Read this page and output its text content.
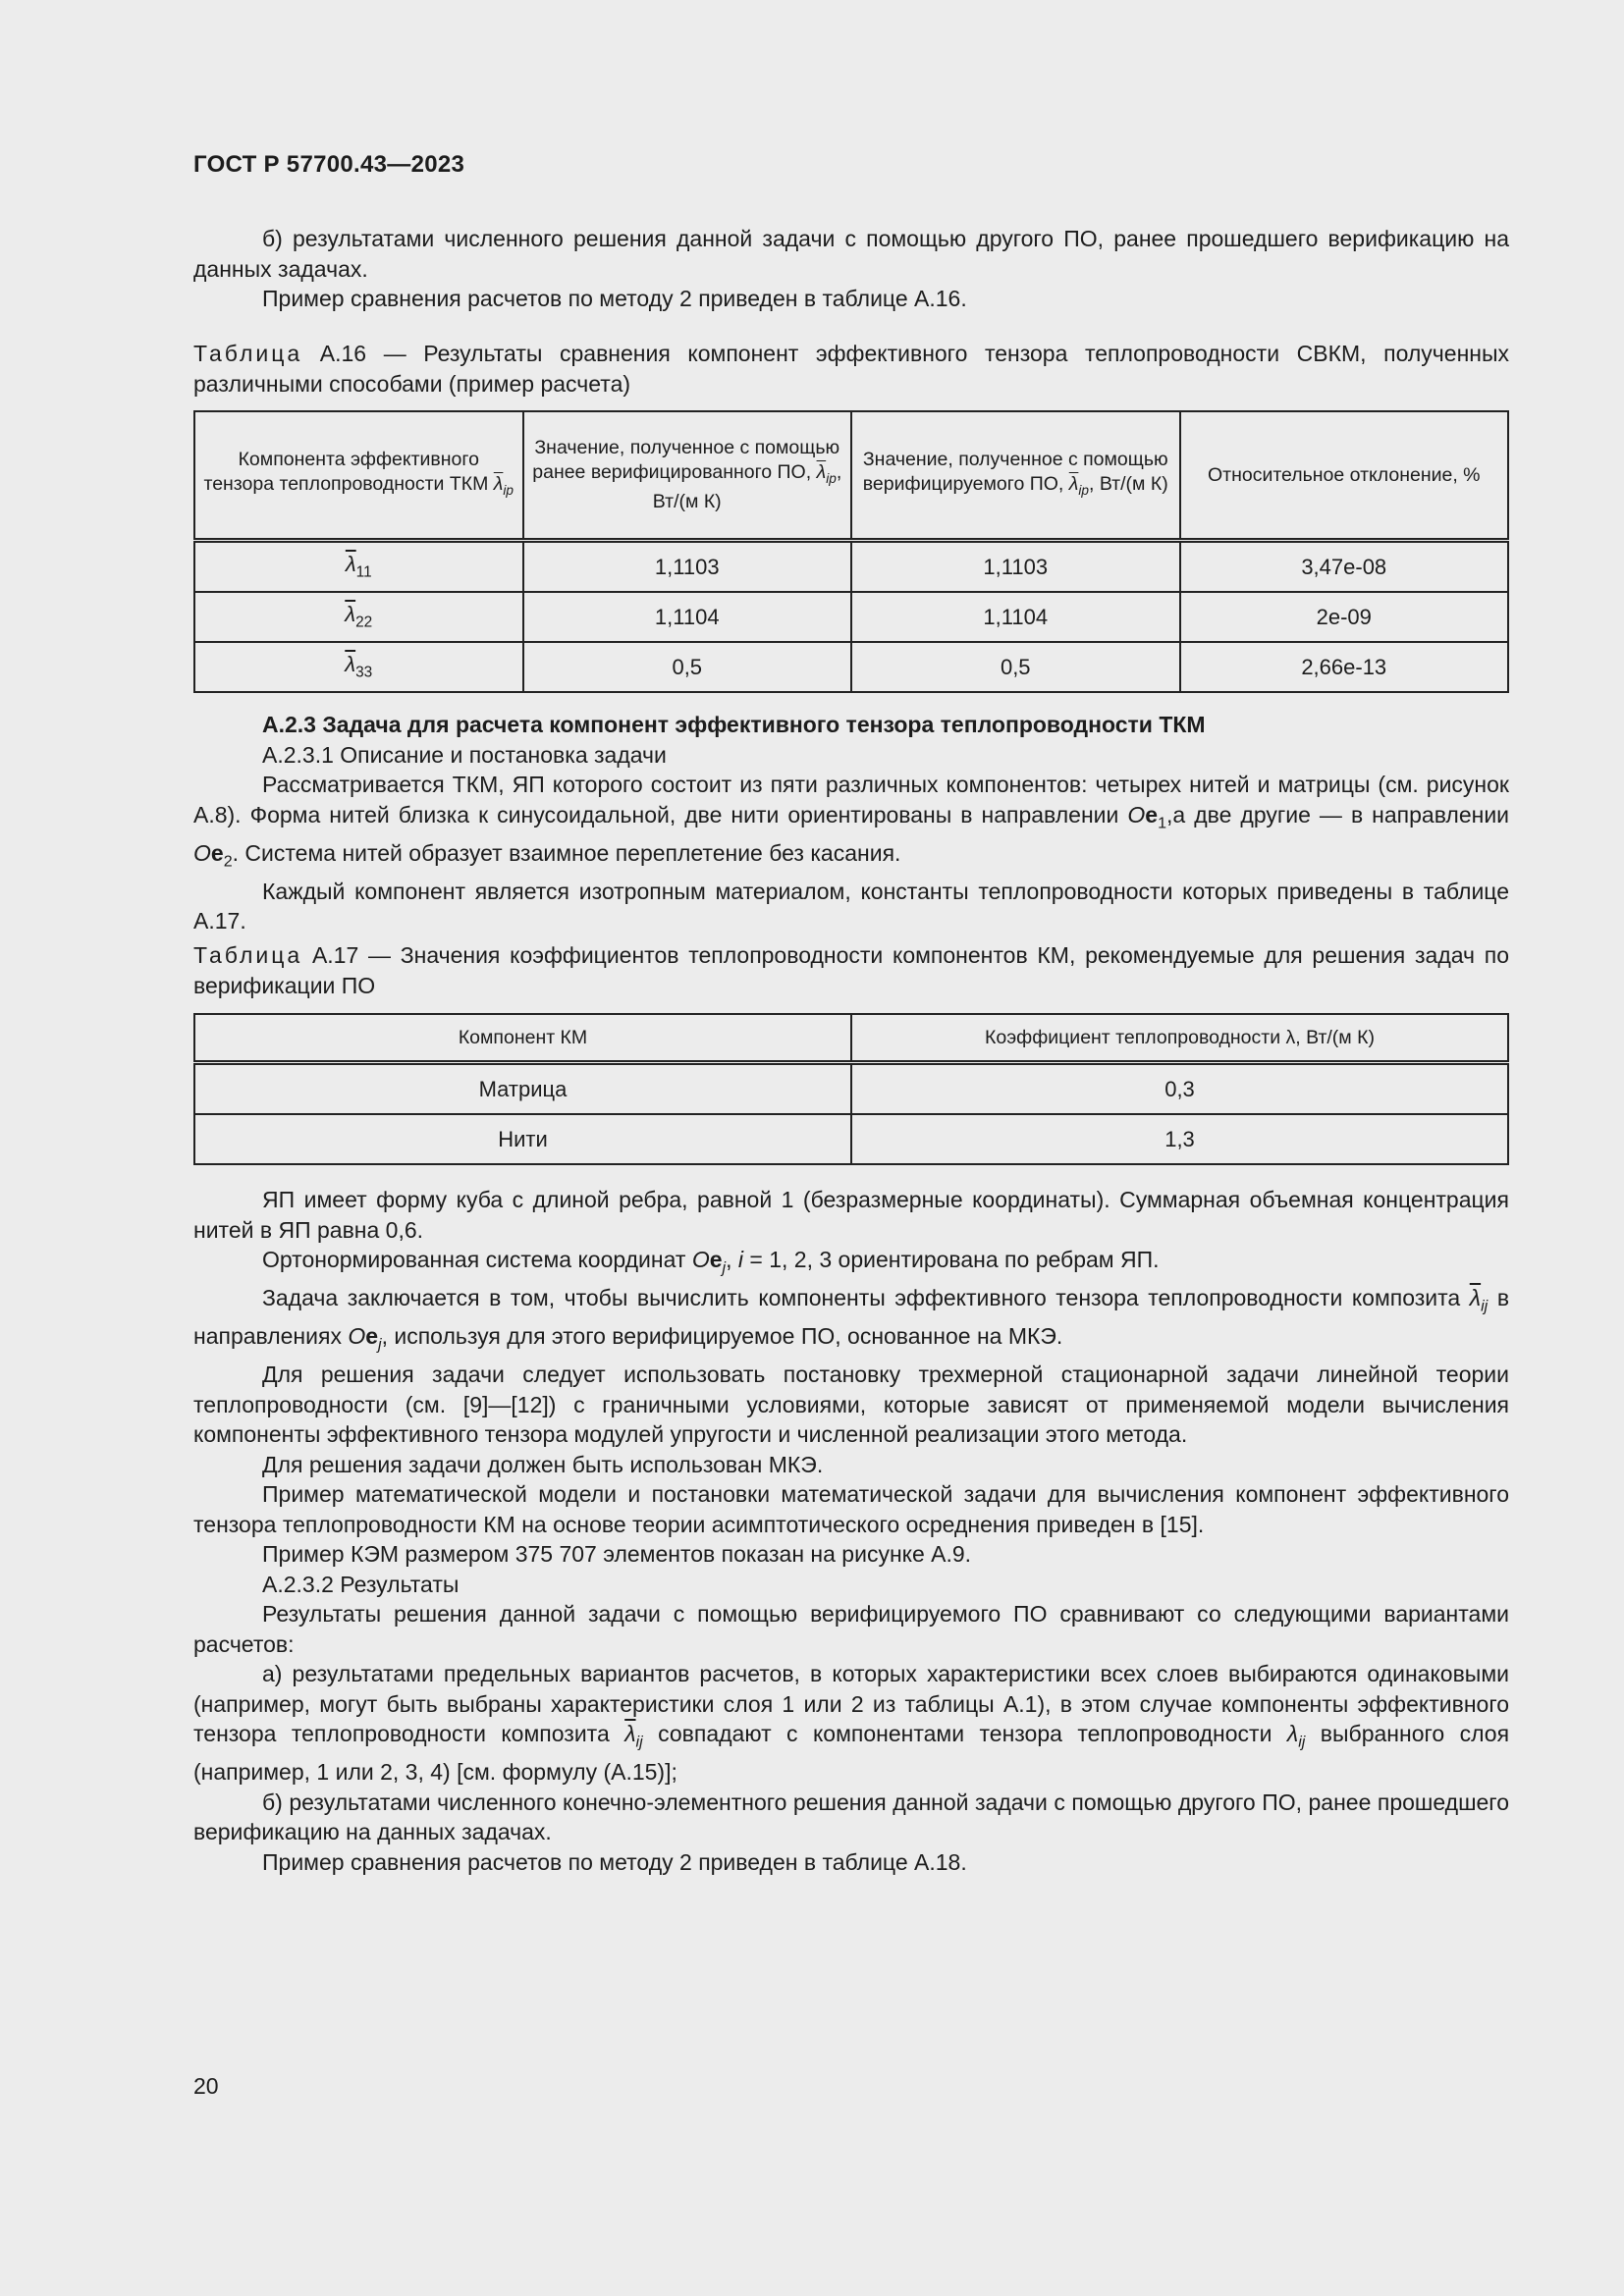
ГОСТ Р 57700.43—2023

б) результатами численного решения данной задачи с помощью другого ПО, ранее прошедшего верификацию на данных задачах.

Пример сравнения расчетов по методу 2 приведен в таблице А.16.

Таблица А.16 — Результаты сравнения компонент эффективного тензора теплопроводности СВКМ, полученных различными способами (пример расчета)

Компонента эффективного тензора теплопроводности ТКМ $\overline{\lambda}_{ip}$	Значение, полученное с помощью ранее верифицированного ПО, $\overline{\lambda}_{ip}$, Вт/(м К)	Значение, полученное с помощью верифицируемого ПО, $\overline{\lambda}_{ip}$, Вт/(м К)	Относительное отклонение, %
$\overline{\lambda}_{11}$	1,1103	1,1103	3,47е-08
$\overline{\lambda}_{22}$	1,1104	1,1104	2е-09
$\overline{\lambda}_{33}$	0,5	0,5	2,66е-13

А.2.3 Задача для расчета компонент эффективного тензора теплопроводности ТКМ

А.2.3.1 Описание и постановка задачи

Рассматривается ТКМ, ЯП которого состоит из пяти различных компонентов: четырех нитей и матрицы (см. рисунок А.8). Форма нитей близка к синусоидальной, две нити ориентированы в направлении $Oe_1,а$ две другие — в направлении $Oe_2$. Система нитей образует взаимное переплетение без касания.

Каждый компонент является изотропным материалом, константы теплопроводности которых приведены в таблице А.17.

Таблица А.17 — Значения коэффициентов теплопроводности компонентов КМ, рекомендуемые для решения задач по верификации ПО

Компонент КМ	Коэффициент теплопроводности λ, Вт/(м К)
Матрица	0,3
Нити	1,3

ЯП имеет форму куба с длиной ребра, равной 1 (безразмерные координаты). Суммарная объемная концентрация нитей в ЯП равна 0,6.

Ортонормированная система координат $Oe_j$, i = 1, 2, 3 ориентирована по ребрам ЯП.

Задача заключается в том, чтобы вычислить компоненты эффективного тензора теплопроводности композита $\overline{\lambda}_{ij}$ в направлениях $Oe_j$, используя для этого верифицируемое ПО, основанное на МКЭ.

Для решения задачи следует использовать постановку трехмерной стационарной задачи линейной теории теплопроводности (см. [9]—[12]) с граничными условиями, которые зависят от применяемой модели вычисления компоненты эффективного тензора модулей упругости и численной реализации этого метода.

Для решения задачи должен быть использован МКЭ.

Пример математической модели и постановки математической задачи для вычисления компонент эффективного тензора теплопроводности КМ на основе теории асимптотического осреднения приведен в [15].

Пример КЭМ размером 375 707 элементов показан на рисунке А.9.

А.2.3.2 Результаты

Результаты решения данной задачи с помощью верифицируемого ПО сравнивают со следующими вариантами расчетов:

а) результатами предельных вариантов расчетов, в которых характеристики всех слоев выбираются одинаковыми (например, могут быть выбраны характеристики слоя 1 или 2 из таблицы А.1), в этом случае компоненты эффективного тензора теплопроводности композита $\overline{\lambda}_{ij}$ совпадают с компонентами тензора теплопроводности $\lambda_{ij}$ выбранного слоя (например, 1 или 2, 3, 4) [см. формулу (А.15)];

б) результатами численного конечно-элементного решения данной задачи с помощью другого ПО, ранее прошедшего верификацию на данных задачах.

Пример сравнения расчетов по методу 2 приведен в таблице А.18.

20
